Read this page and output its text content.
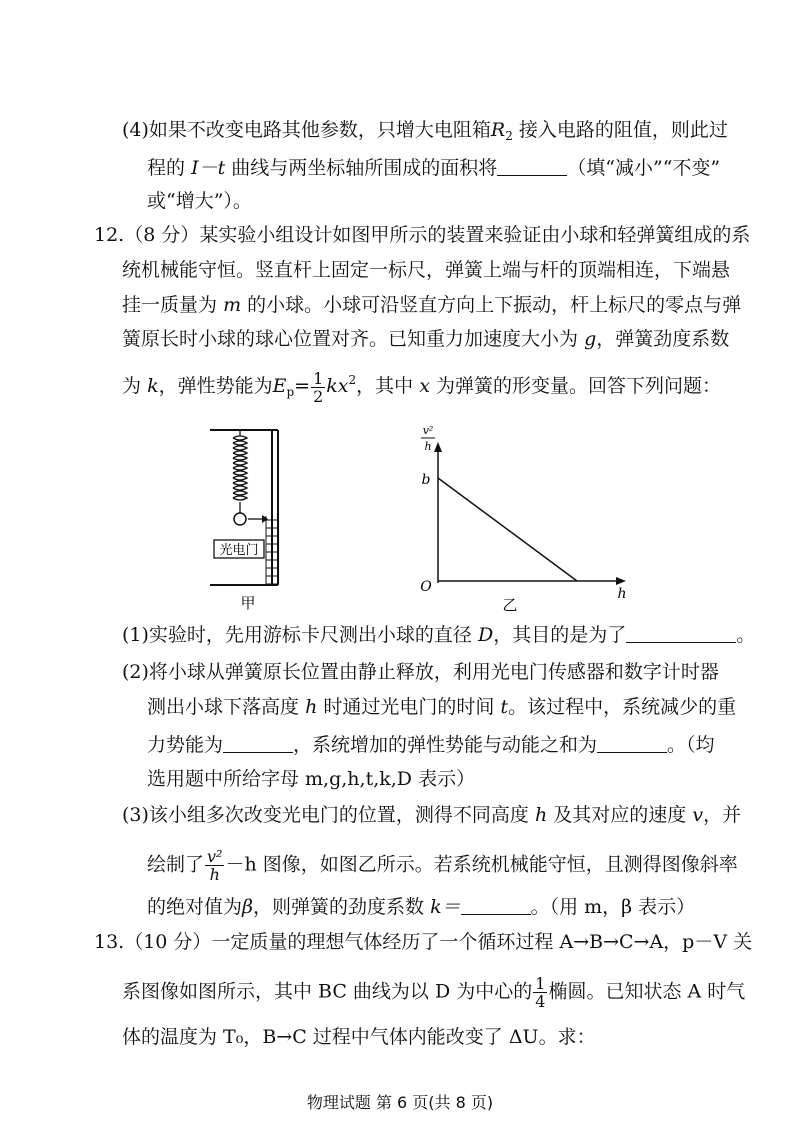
(4)如果不改变电路其他参数，只增大电阻箱$R_2$ 接入电路的阻值，则此过
程的 I－t 曲线与两坐标轴所围成的面积将	（填“减小”“不变”
或“增大”）。
12.（8 分）某实验小组设计如图甲所示的装置来验证由小球和轻弹簧组成的系
统机械能守恒。竖直杆上固定一标尺，弹簧上端与杆的顶端相连，下端悬
挂一质量为 m 的小球。小球可沿竖直方向上下振动，杆上标尺的零点与弹
簧原长时小球的球心位置对齐。已知重力加速度大小为 g，弹簧劲度系数
为 k，弹性势能为$E_p= \frac{1}{2} kx^2$，其中 x 为弹簧的形变量。回答下列问题：
光电门
甲
v²
h
b
O	h
乙
(1)实验时，先用游标卡尺测出小球的直径 D，其目的是为了	。
(2)将小球从弹簧原长位置由静止释放，利用光电门传感器和数字计时器
测出小球下落高度 h 时通过光电门的时间 t。该过程中，系统减少的重
力势能为	，系统增加的弹性势能与动能之和为	。（均
选用题中所给字母 m,g,h,t,k,D 表示）
(3)该小组多次改变光电门的位置，测得不同高度 h 及其对应的速度 v，并
绘制了 $\frac{\text{v²}}{h} -h$ 图像，如图乙所示。若系统机械能守恒，且测得图像斜率
的绝对值为β，则弹簧的劲度系数 k＝	。（用 m，β 表示）
13.（10 分）一定质量的理想气体经历了一个循环过程 A→B→C→A，p－V 关
系图像如图所示，其中 BC 曲线为以 D 为中心的 $\frac{1}{4}$ 椭圆。已知状态 A 时气
体的温度为 T₀，B→C 过程中气体内能改变了 ΔU。求：
物理试题 第 6 页(共 8 页)
